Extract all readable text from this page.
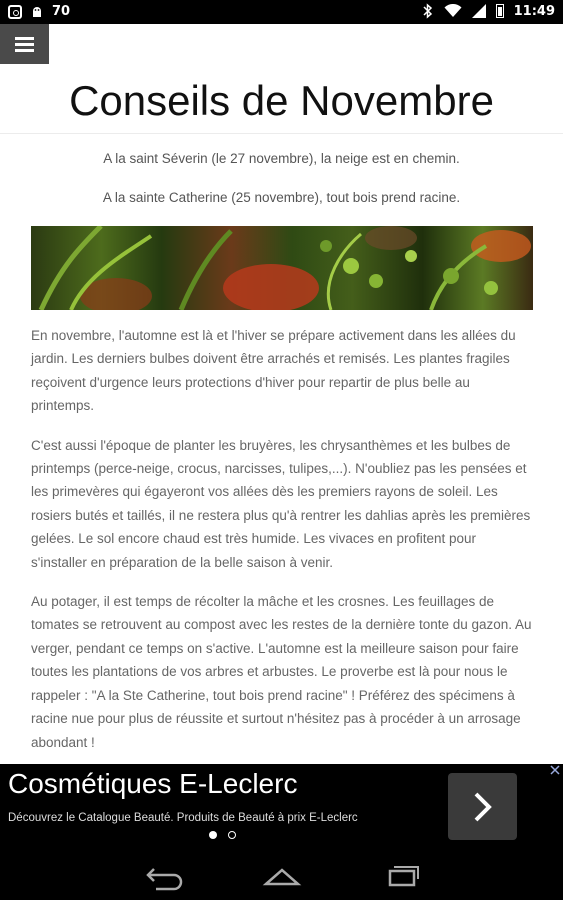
70	11:49
Conseils de Novembre
A la saint Séverin (le 27 novembre), la neige est en chemin.
A la sainte Catherine (25 novembre), tout bois prend racine.

En novembre, l'automne est là et l'hiver se prépare activement dans les allées du jardin. Les derniers bulbes doivent être arrachés et remisés. Les plantes fragiles reçoivent d'urgence leurs protections d'hiver pour repartir de plus belle au printemps.

C'est aussi l'époque de planter les bruyères, les chrysanthèmes et les bulbes de printemps (perce-neige, crocus, narcisses, tulipes,...). N'oubliez pas les pensées et les primevères qui égayeront vos allées dès les premiers rayons de soleil. Les rosiers butés et taillés, il ne restera plus qu'à rentrer les dahlias après les premières gelées. Le sol encore chaud est très humide. Les vivaces en profitent pour s'installer en préparation de la belle saison à venir.

Au potager, il est temps de récolter la mâche et les crosnes. Les feuillages de tomates se retrouvent au compost avec les restes de la dernière tonte du gazon. Au verger, pendant ce temps on s'active. L'automne est la meilleure saison pour faire toutes les plantations de vos arbres et arbustes. Le proverbe est là pour nous le rappeler : "A la Ste Catherine, tout bois prend racine" ! Préférez des spécimens à racine nue pour plus de réussite et surtout n'hésitez pas à procéder à un arrosage abondant !

Cosmétiques E-Leclerc
Découvrez le Catalogue Beauté. Produits de Beauté à prix E-Leclerc
